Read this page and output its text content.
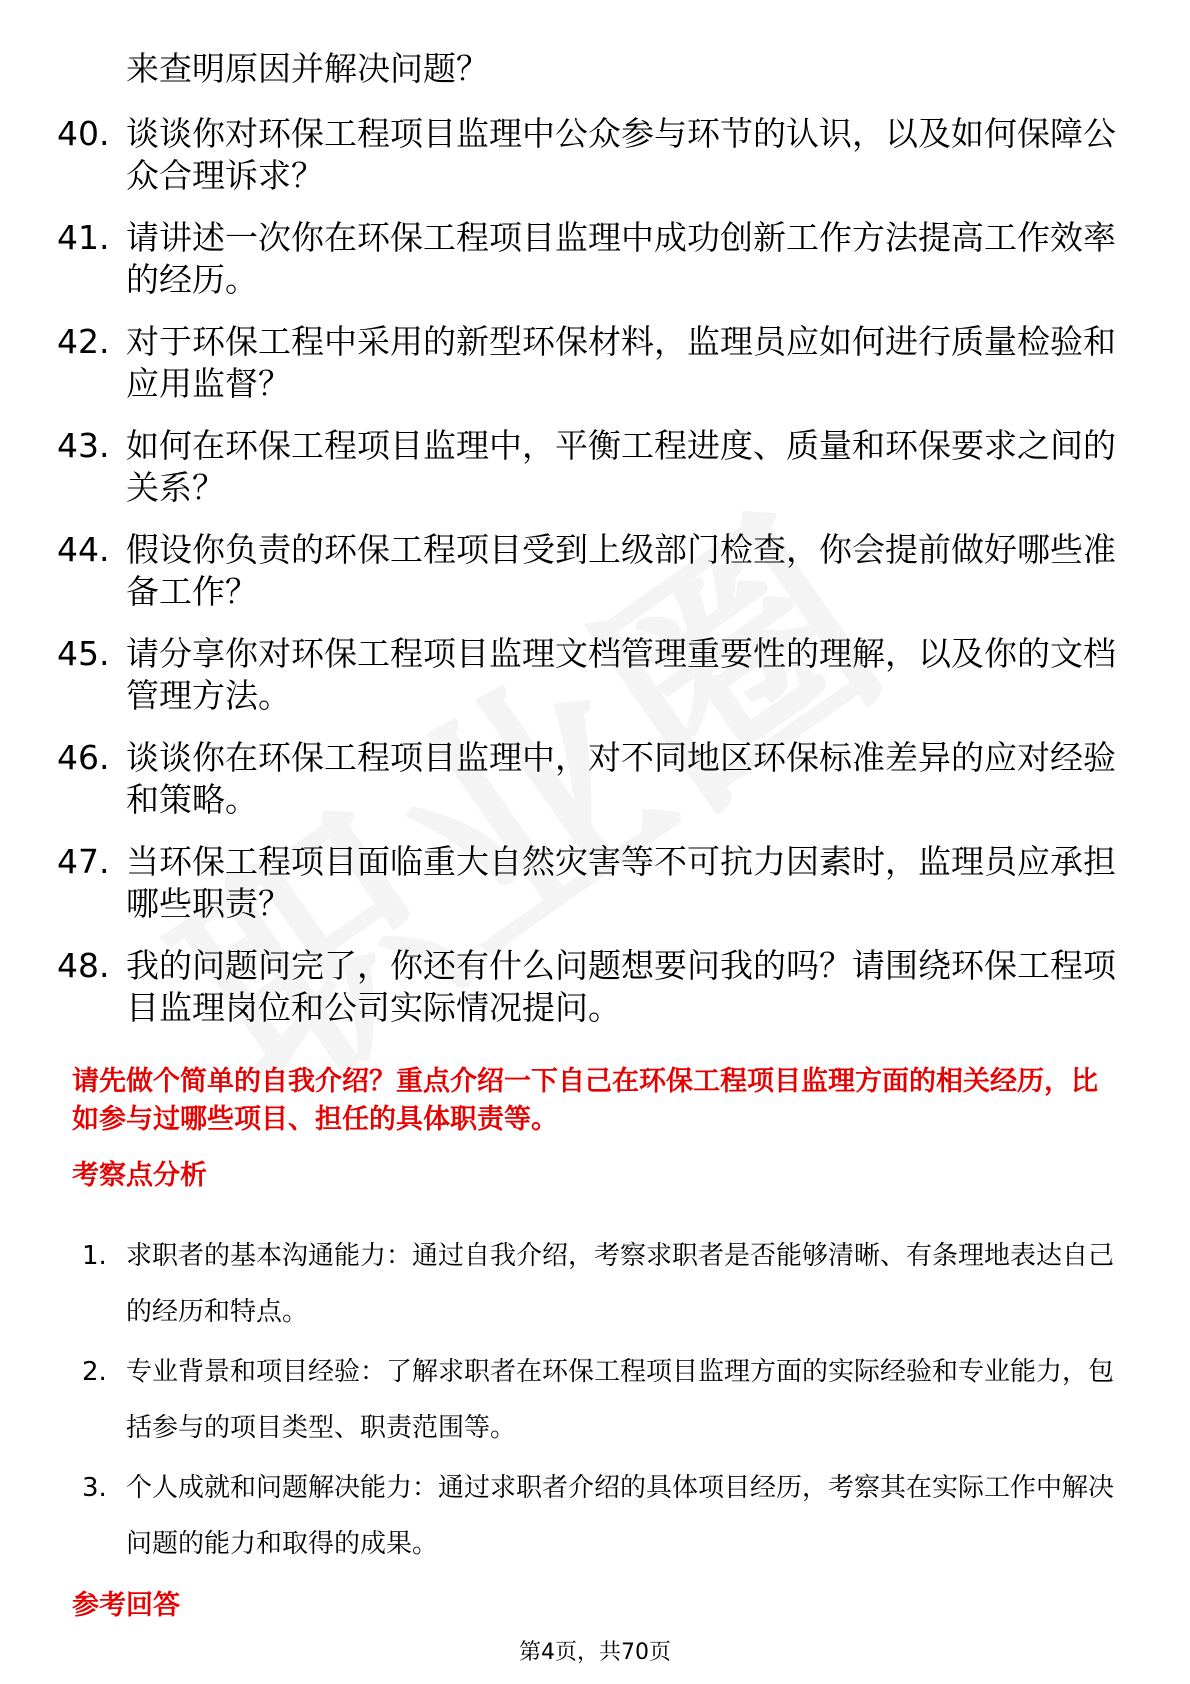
来查明原因并解决问题？
40. 谈谈你对环保工程项目监理中公众参与环节的认识，以及如何保障公众合理诉求？
41. 请讲述一次你在环保工程项目监理中成功创新工作方法提高工作效率的经历。
42. 对于环保工程中采用的新型环保材料，监理员应如何进行质量检验和应用监督？
43. 如何在环保工程项目监理中，平衡工程进度、质量和环保要求之间的关系？
44. 假设你负责的环保工程项目受到上级部门检查，你会提前做好哪些准备工作？
45. 请分享你对环保工程项目监理文档管理重要性的理解，以及你的文档管理方法。
46. 谈谈你在环保工程项目监理中，对不同地区环保标准差异的应对经验和策略。
47. 当环保工程项目面临重大自然灾害等不可抗力因素时，监理员应承担哪些职责？
48. 我的问题问完了，你还有什么问题想要问我的吗？请围绕环保工程项目监理岗位和公司实际情况提问。
请先做个简单的自我介绍？重点介绍一下自己在环保工程项目监理方面的相关经历，比如参与过哪些项目、担任的具体职责等。
考察点分析
1. 求职者的基本沟通能力：通过自我介绍，考察求职者是否能够清晰、有条理地表达自己的经历和特点。
2. 专业背景和项目经验：了解求职者在环保工程项目监理方面的实际经验和专业能力，包括参与的项目类型、职责范围等。
3. 个人成就和问题解决能力：通过求职者介绍的具体项目经历，考察其在实际工作中解决问题的能力和取得的成果。
参考回答
第4页，共70页
